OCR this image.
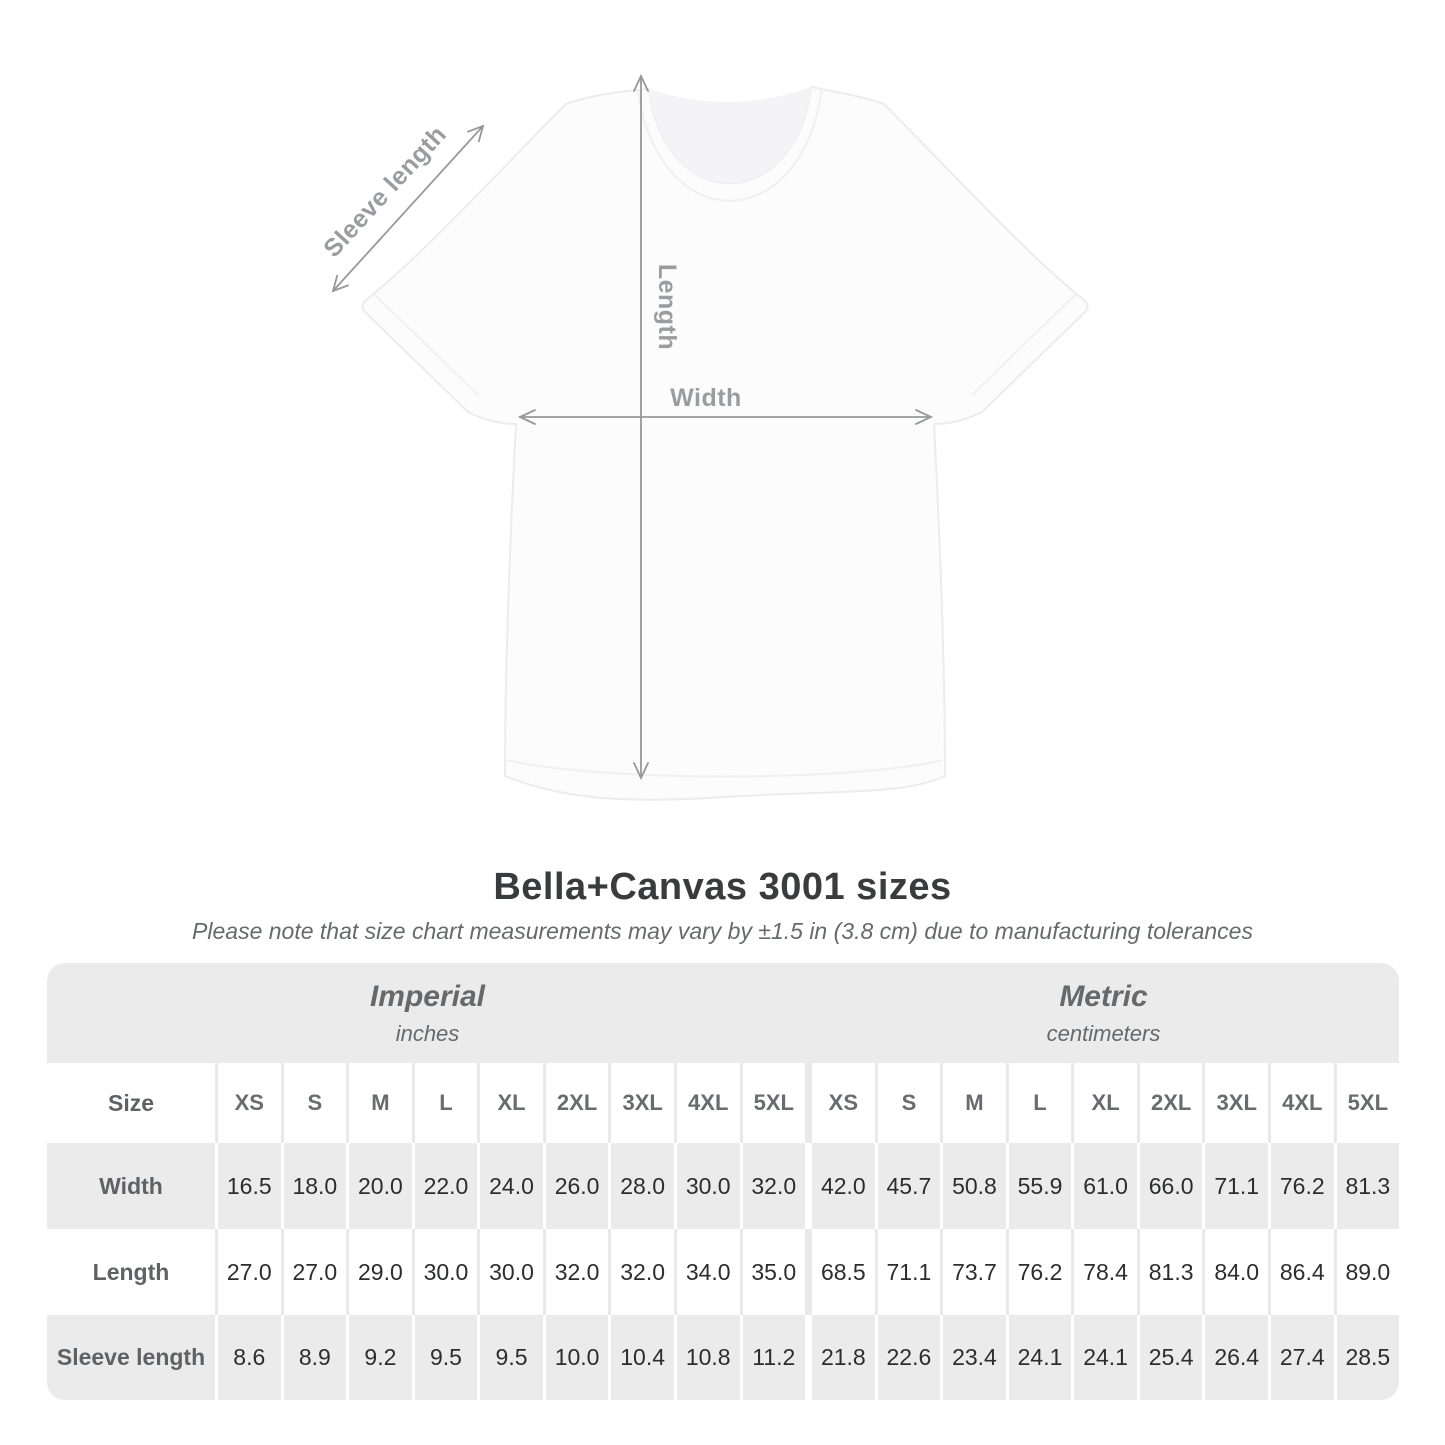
Sleeve length
Length
Width
Bella+Canvas 3001 sizes
Please note that size chart measurements may vary by ±1.5 in (3.8 cm) due to manufacturing tolerances
Imperial
inches
Metric
centimeters
Size	XS	S	M	L	XL	2XL	3XL	4XL	5XL	XS	S	M	L	XL	2XL	3XL	4XL	5XL
Width	16.5 18.0 20.0 22.0 24.0 26.0 28.0 30.0 32.0	42.0 45.7 50.8 55.9 61.0 66.0 71.1 76.2 81.3
Length	27.0 27.0 29.0 30.0 30.0 32.0 32.0 34.0 35.0	68.5 71.1 73.7 76.2 78.4 81.3 84.0 86.4 89.0
Sleeve length	8.6	8.9	9.2	9.5	9.5	10.0 10.4 10.8 11.2	21.8 22.6 23.4 24.1 24.1 25.4 26.4 27.4 28.5
